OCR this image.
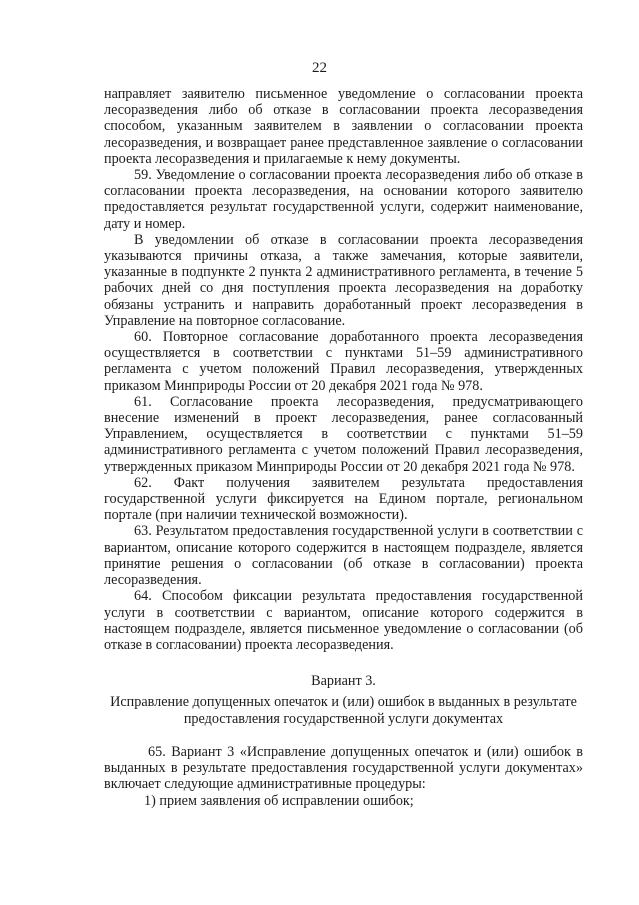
22

направляет заявителю письменное уведомление о согласовании проекта лесоразведения либо об отказе в согласовании проекта лесоразведения способом, указанным заявителем в заявлении о согласовании проекта лесоразведения, и возвращает ранее представленное заявление о согласовании проекта лесоразведения и прилагаемые к нему документы.

59. Уведомление о согласовании проекта лесоразведения либо об отказе в согласовании проекта лесоразведения, на основании которого заявителю предоставляется результат государственной услуги, содержит наименование, дату и номер.

В уведомлении об отказе в согласовании проекта лесоразведения указываются причины отказа, а также замечания, которые заявители, указанные в подпункте 2 пункта 2 административного регламента, в течение 5 рабочих дней со дня поступления проекта лесоразведения на доработку обязаны устранить и направить доработанный проект лесоразведения в Управление на повторное согласование.

60. Повторное согласование доработанного проекта лесоразведения осуществляется в соответствии с пунктами 51–59 административного регламента с учетом положений Правил лесоразведения, утвержденных приказом Минприроды России от 20 декабря 2021 года № 978.

61. Согласование проекта лесоразведения, предусматривающего внесение изменений в проект лесоразведения, ранее согласованный Управлением, осуществляется в соответствии с пунктами 51–59 административного регламента с учетом положений Правил лесоразведения, утвержденных приказом Минприроды России от 20 декабря 2021 года № 978.

62. Факт получения заявителем результата предоставления государственной услуги фиксируется на Едином портале, региональном портале (при наличии технической возможности).

63. Результатом предоставления государственной услуги в соответствии с вариантом, описание которого содержится в настоящем подразделе, является принятие решения о согласовании (об отказе в согласовании) проекта лесоразведения.

64. Способом фиксации результата предоставления государственной услуги в соответствии с вариантом, описание которого содержится в настоящем подразделе, является письменное уведомление о согласовании (об отказе в согласовании) проекта лесоразведения.

Вариант 3.
Исправление допущенных опечаток и (или) ошибок в выданных в результате
предоставления государственной услуги документах

65. Вариант 3 «Исправление допущенных опечаток и (или) ошибок в выданных в результате предоставления государственной услуги документах» включает следующие административные процедуры:

1) прием заявления об исправлении ошибок;
